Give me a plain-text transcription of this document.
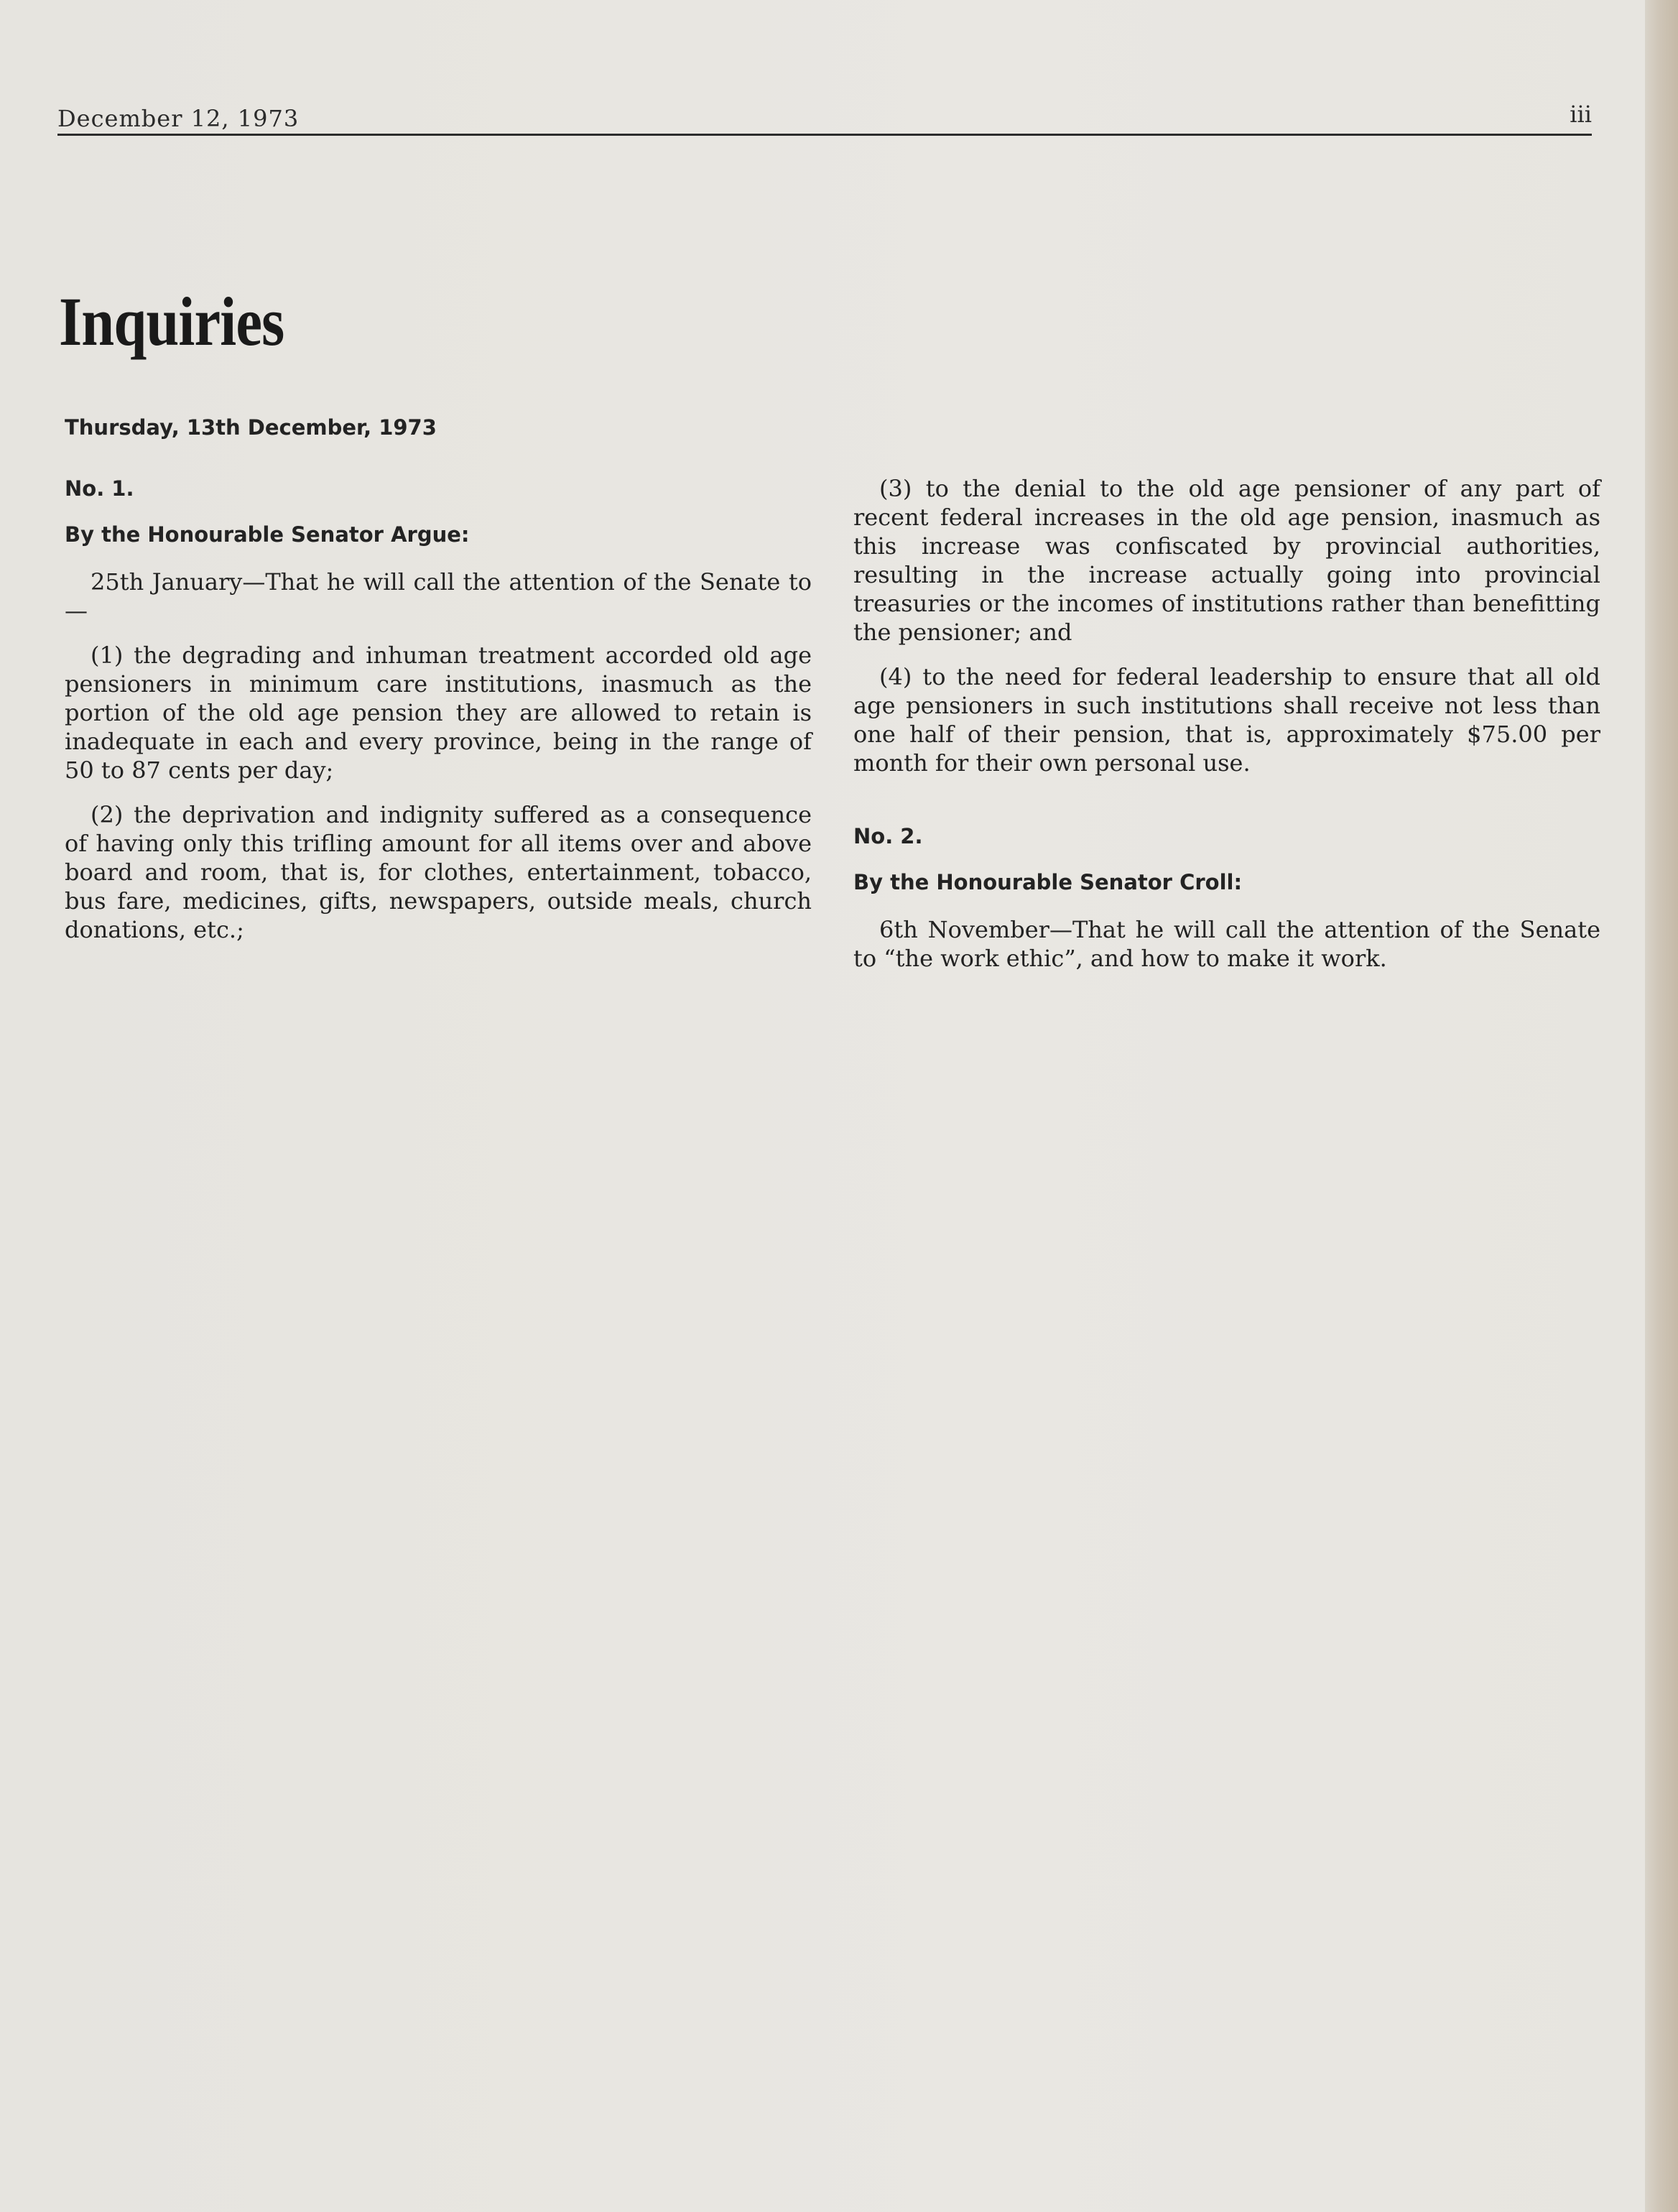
December 12, 1973	iii
Inquiries
Thursday, 13th December, 1973

No. 1.

By the Honourable Senator Argue:

25th January—That he will call the attention of the Senate to—

(1) the degrading and inhuman treatment accorded old age pensioners in minimum care institutions, inasmuch as the portion of the old age pension they are allowed to retain is inadequate in each and every province, being in the range of 50 to 87 cents per day;

(2) the deprivation and indignity suffered as a consequence of having only this trifling amount for all items over and above board and room, that is, for clothes, entertainment, tobacco, bus fare, medicines, gifts, newspapers, outside meals, church donations, etc.;

(3) to the denial to the old age pensioner of any part of recent federal increases in the old age pension, inasmuch as this increase was confiscated by provincial authorities, resulting in the increase actually going into provincial treasuries or the incomes of institutions rather than benefitting the pensioner; and

(4) to the need for federal leadership to ensure that all old age pensioners in such institutions shall receive not less than one half of their pension, that is, approximately $75.00 per month for their own personal use.

No. 2.

By the Honourable Senator Croll:

6th November—That he will call the attention of the Senate to “the work ethic”, and how to make it work.
